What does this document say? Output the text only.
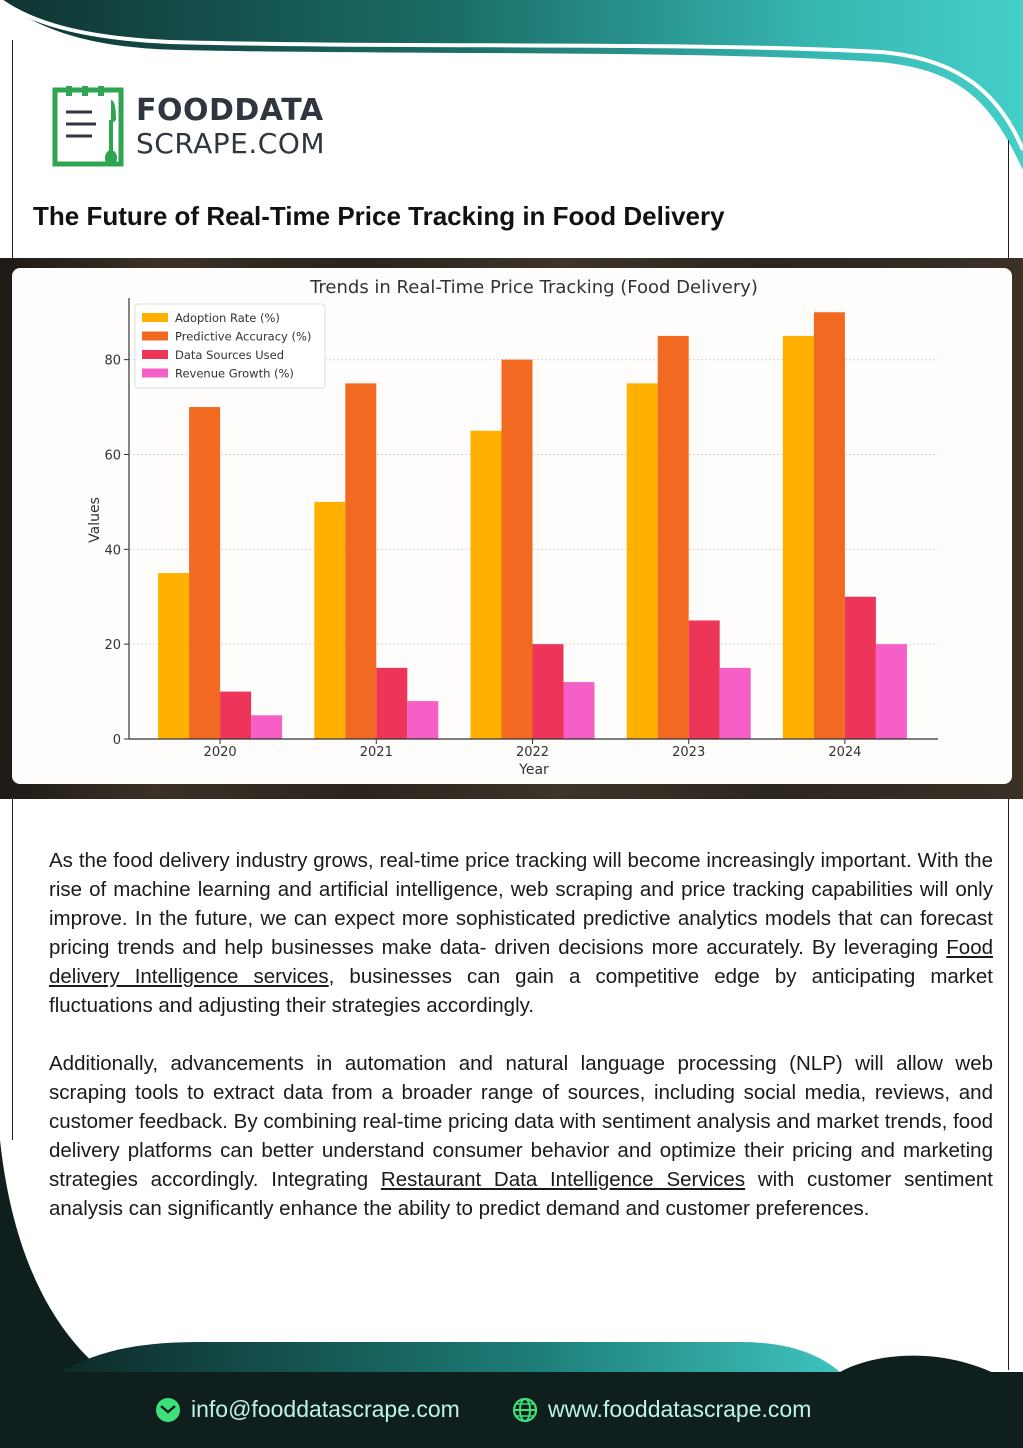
FOODDATA
SCRAPE.COM
The Future of Real-Time Price Tracking in Food Delivery
Trends in Real-Time Price Tracking (Food Delivery)
0
20
40
60
80
2020	2021	2022	2023	2024
Year
Values
Adoption Rate (%)
Predictive Accuracy (%)
Data Sources Used
Revenue Growth (%)

As the food delivery industry grows, real-time price tracking will become increasingly important. With the rise of machine learning and artificial intelligence, web scraping and price tracking capabilities will only improve. In the future, we can expect more sophisticated predictive analytics models that can forecast pricing trends and help businesses make data- driven decisions more accurately. By leveraging Food delivery Intelligence services, businesses can gain a competitive edge by anticipating market fluctuations and adjusting their strategies accordingly.

Additionally, advancements in automation and natural language processing (NLP) will allow web scraping tools to extract data from a broader range of sources, including social media, reviews, and customer feedback. By combining real-time pricing data with sentiment analysis and market trends, food delivery platforms can better understand consumer behavior and optimize their pricing and marketing strategies accordingly. Integrating Restaurant Data Intelligence Services with customer sentiment analysis can significantly enhance the ability to predict demand and customer preferences.

info@fooddatascrape.com	www.fooddatascrape.com
